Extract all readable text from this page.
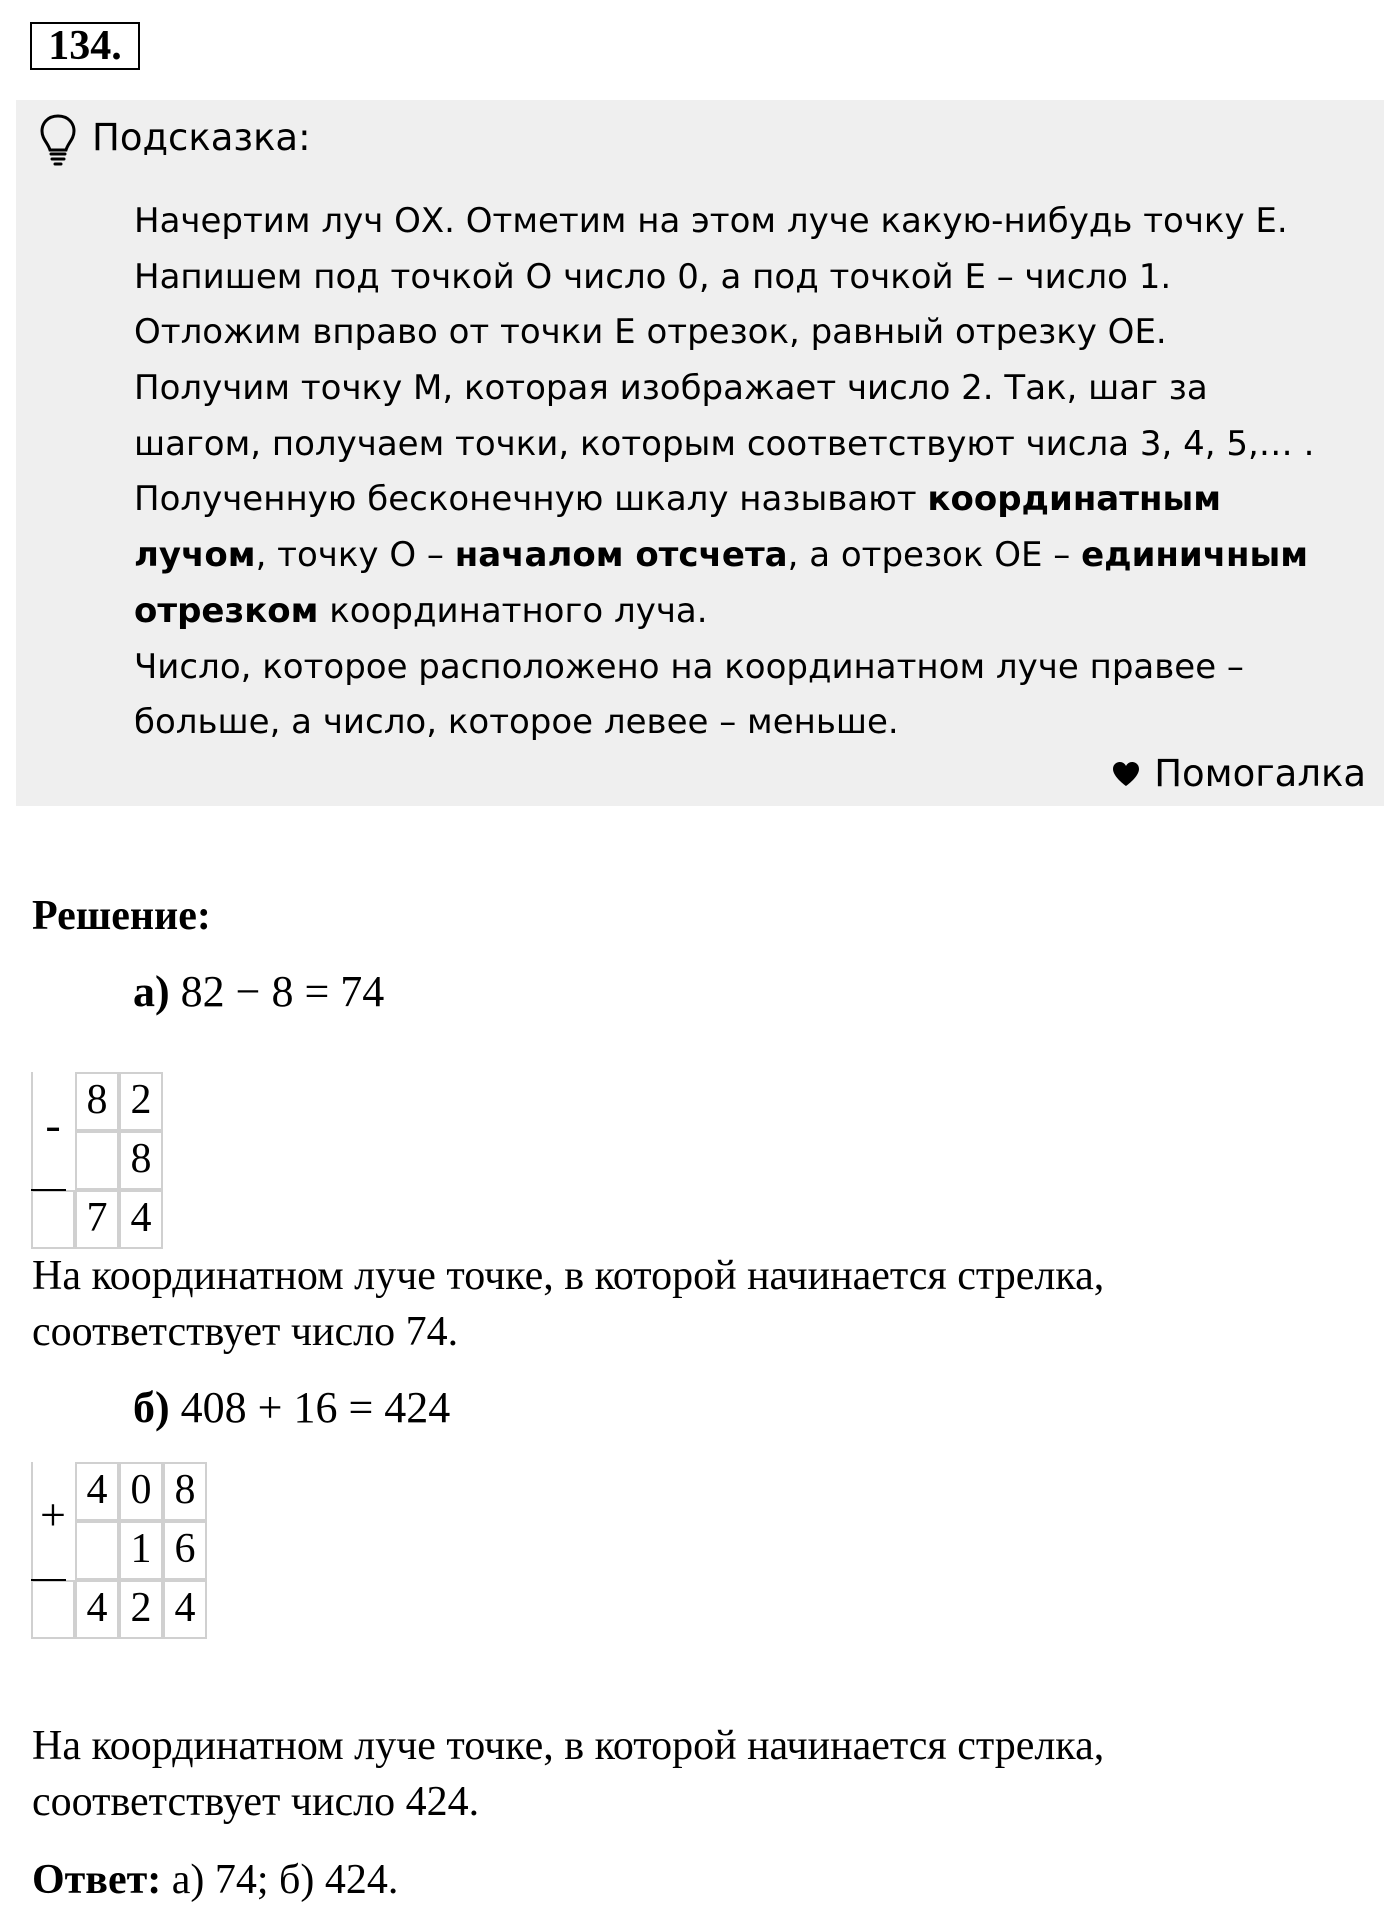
134.
Подсказка:
Начертим луч ОХ. Отметим на этом луче какую-нибудь точку Е.
Напишем под точкой О число 0, а под точкой Е – число 1.
Отложим вправо от точки Е отрезок, равный отрезку ОЕ.
Получим точку М, которая изображает число 2. Так, шаг за
шагом, получаем точки, которым соответствуют числа 3, 4, 5,… .
Полученную бесконечную шкалу называют координатным
лучом, точку О – началом отсчета, а отрезок ОЕ – единичным
отрезком координатного луча.
Число, которое расположено на координатном луче правее –
больше, а число, которое левее – меньше.
Помогалка
Решение:
а) 82 − 8 = 74
- 8 2
8
7 4
На координатном луче точке, в которой начинается стрелка,
соответствует число 74.
б) 408 + 16 = 424
+ 4 0 8
1 6
4 2 4
На координатном луче точке, в которой начинается стрелка,
соответствует число 424.
Ответ: а) 74; б) 424.
